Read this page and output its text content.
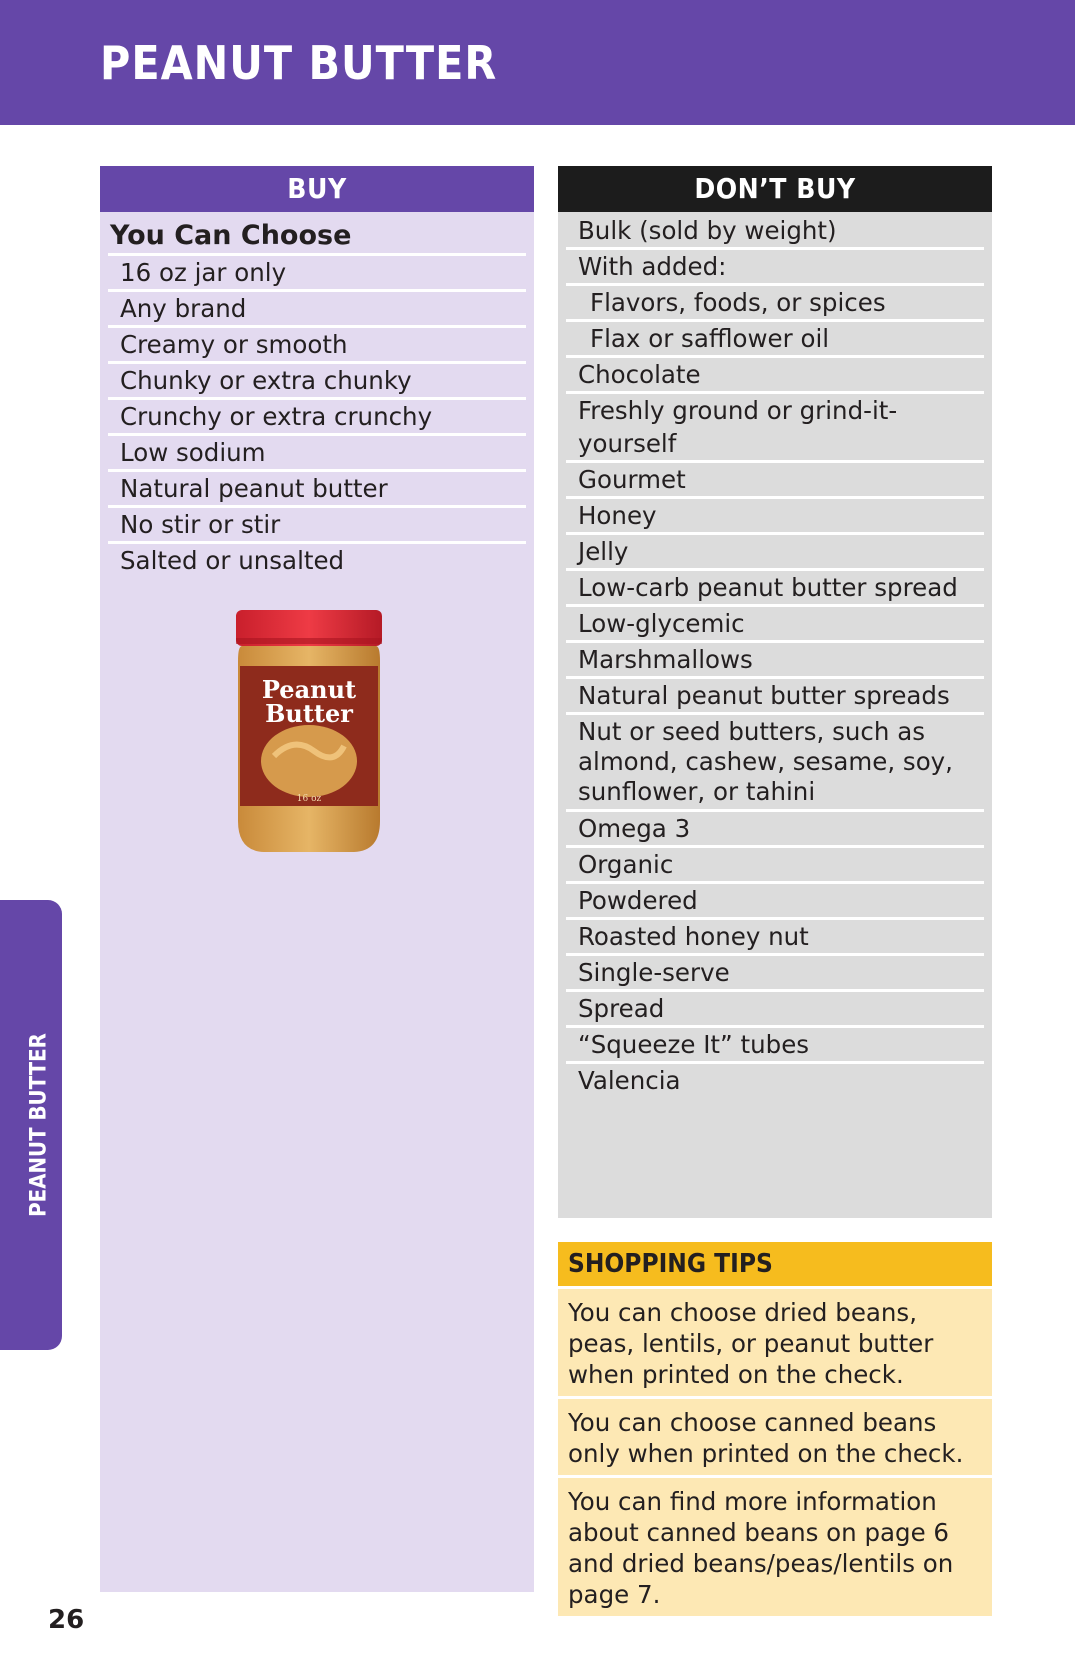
PEANUT BUTTER
PEANUT BUTTER
BUY
You Can Choose
16 oz jar only
Any brand
Creamy or smooth
Chunky or extra chunky
Crunchy or extra crunchy
Low sodium
Natural peanut butter
No stir or stir
Salted or unsalted
Peanut
Butter
16 oz
DON’T BUY
Bulk (sold by weight)
With added:
Flavors, foods, or spices
Flax or safflower oil
Chocolate
Freshly ground or grind-it-yourself
Gourmet
Honey
Jelly
Low-carb peanut butter spread
Low-glycemic
Marshmallows
Natural peanut butter spreads
Nut or seed butters, such as almond, cashew, sesame, soy, sunflower, or tahini
Omega 3
Organic
Powdered
Roasted honey nut
Single-serve
Spread
“Squeeze It” tubes
Valencia
SHOPPING TIPS
You can choose dried beans, peas, lentils, or peanut butter when printed on the check.
You can choose canned beans only when printed on the check.
You can find more information about canned beans on page 6 and dried beans/peas/lentils on page 7.
26
